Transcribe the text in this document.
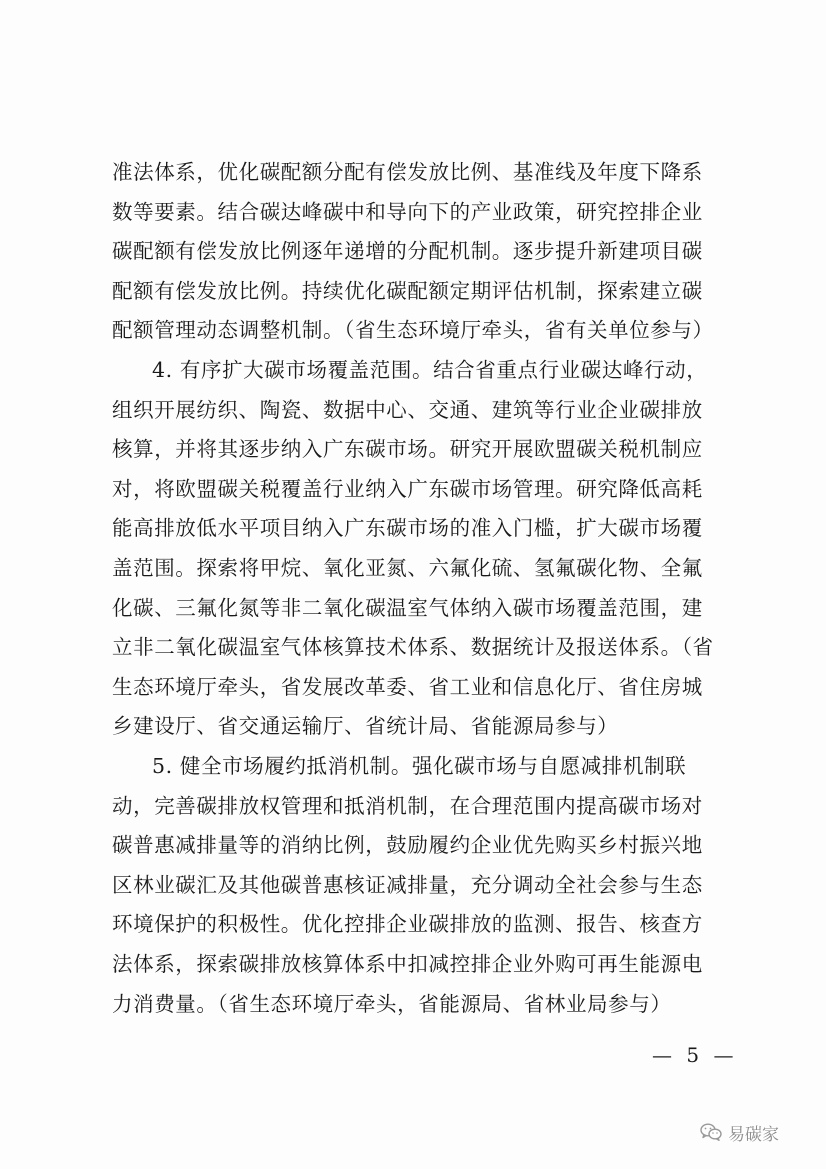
准法体系，优化碳配额分配有偿发放比例、基准线及年度下降系
数等要素。结合碳达峰碳中和导向下的产业政策，研究控排企业
碳配额有偿发放比例逐年递增的分配机制。逐步提升新建项目碳
配额有偿发放比例。持续优化碳配额定期评估机制，探索建立碳
配额管理动态调整机制。（省生态环境厅牵头，省有关单位参与）
4. 有序扩大碳市场覆盖范围。结合省重点行业碳达峰行动，
组织开展纺织、陶瓷、数据中心、交通、建筑等行业企业碳排放
核算，并将其逐步纳入广东碳市场。研究开展欧盟碳关税机制应
对，将欧盟碳关税覆盖行业纳入广东碳市场管理。研究降低高耗
能高排放低水平项目纳入广东碳市场的准入门槛，扩大碳市场覆
盖范围。探索将甲烷、氧化亚氮、六氟化硫、氢氟碳化物、全氟
化碳、三氟化氮等非二氧化碳温室气体纳入碳市场覆盖范围，建
立非二氧化碳温室气体核算技术体系、数据统计及报送体系。（省
生态环境厅牵头，省发展改革委、省工业和信息化厅、省住房城
乡建设厅、省交通运输厅、省统计局、省能源局参与）
5. 健全市场履约抵消机制。强化碳市场与自愿减排机制联
动，完善碳排放权管理和抵消机制，在合理范围内提高碳市场对
碳普惠减排量等的消纳比例，鼓励履约企业优先购买乡村振兴地
区林业碳汇及其他碳普惠核证减排量，充分调动全社会参与生态
环境保护的积极性。优化控排企业碳排放的监测、报告、核查方
法体系，探索碳排放核算体系中扣减控排企业外购可再生能源电
力消费量。（省生态环境厅牵头，省能源局、省林业局参与）
— 5 —
易碳家
